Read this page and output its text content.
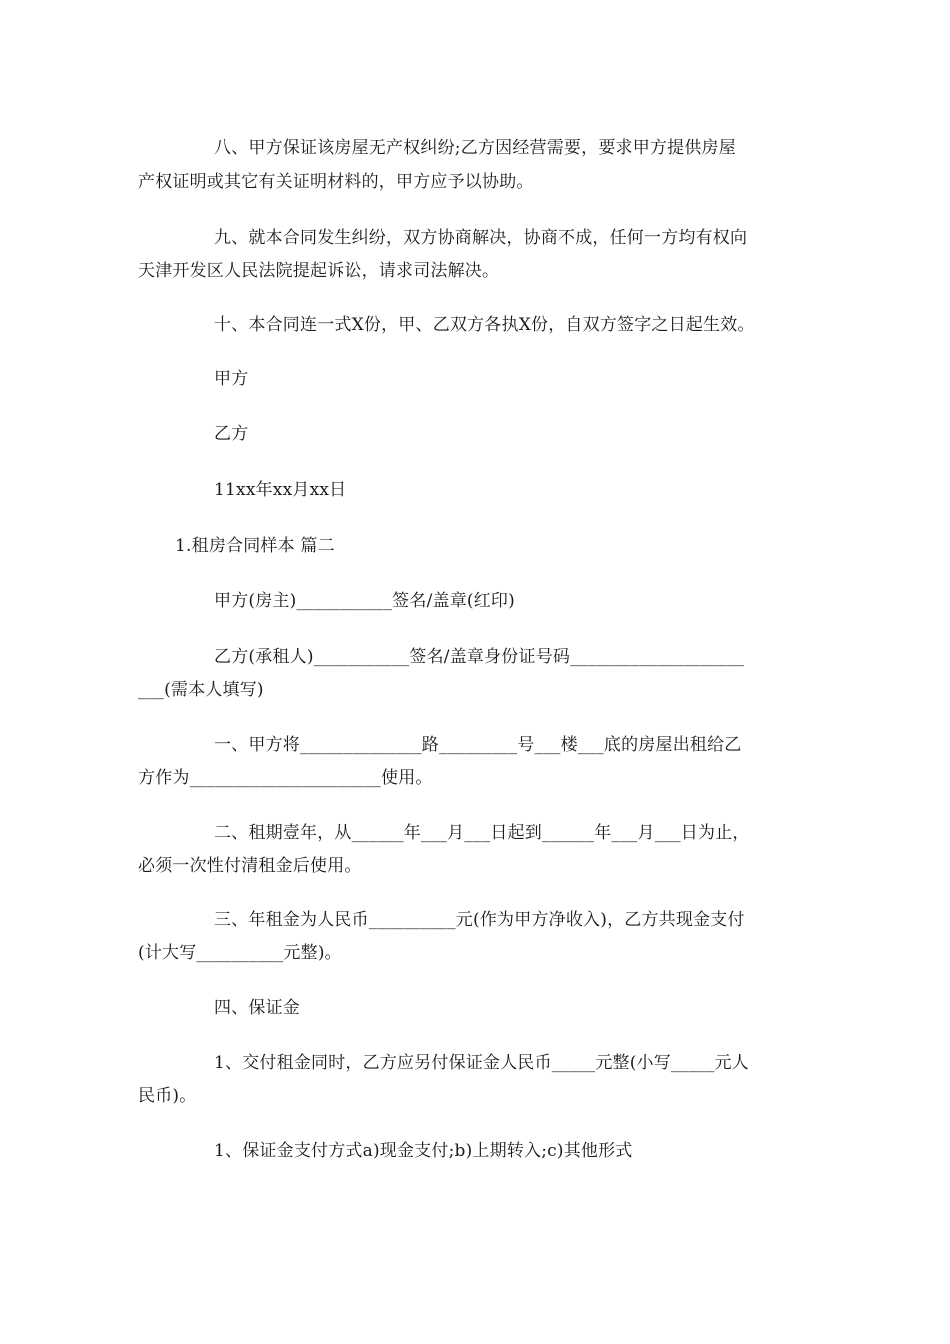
八、甲方保证该房屋无产权纠纷;乙方因经营需要，要求甲方提供房屋
产权证明或其它有关证明材料的，甲方应予以协助。
九、就本合同发生纠纷，双方协商解决，协商不成，任何一方均有权向
天津开发区人民法院提起诉讼，请求司法解决。
十、本合同连一式X份，甲、乙双方各执X份，自双方签字之日起生效。
甲方
乙方
11xx年xx月xx日
1.租房合同样本 篇二
甲方(房主)___________签名/盖章(红印)
乙方(承租人)___________签名/盖章身份证号码____________________
___(需本人填写)
一、甲方将______________路_________号___楼___底的房屋出租给乙
方作为______________________使用。
二、租期壹年，从______年___月___日起到______年___月___日为止，
必须一次性付清租金后使用。
三、年租金为人民币__________元(作为甲方净收入)，乙方共现金支付
(计大写__________元整)。
四、保证金
1、交付租金同时，乙方应另付保证金人民币_____元整(小写_____元人
民币)。
1、保证金支付方式a)现金支付;b)上期转入;c)其他形式
